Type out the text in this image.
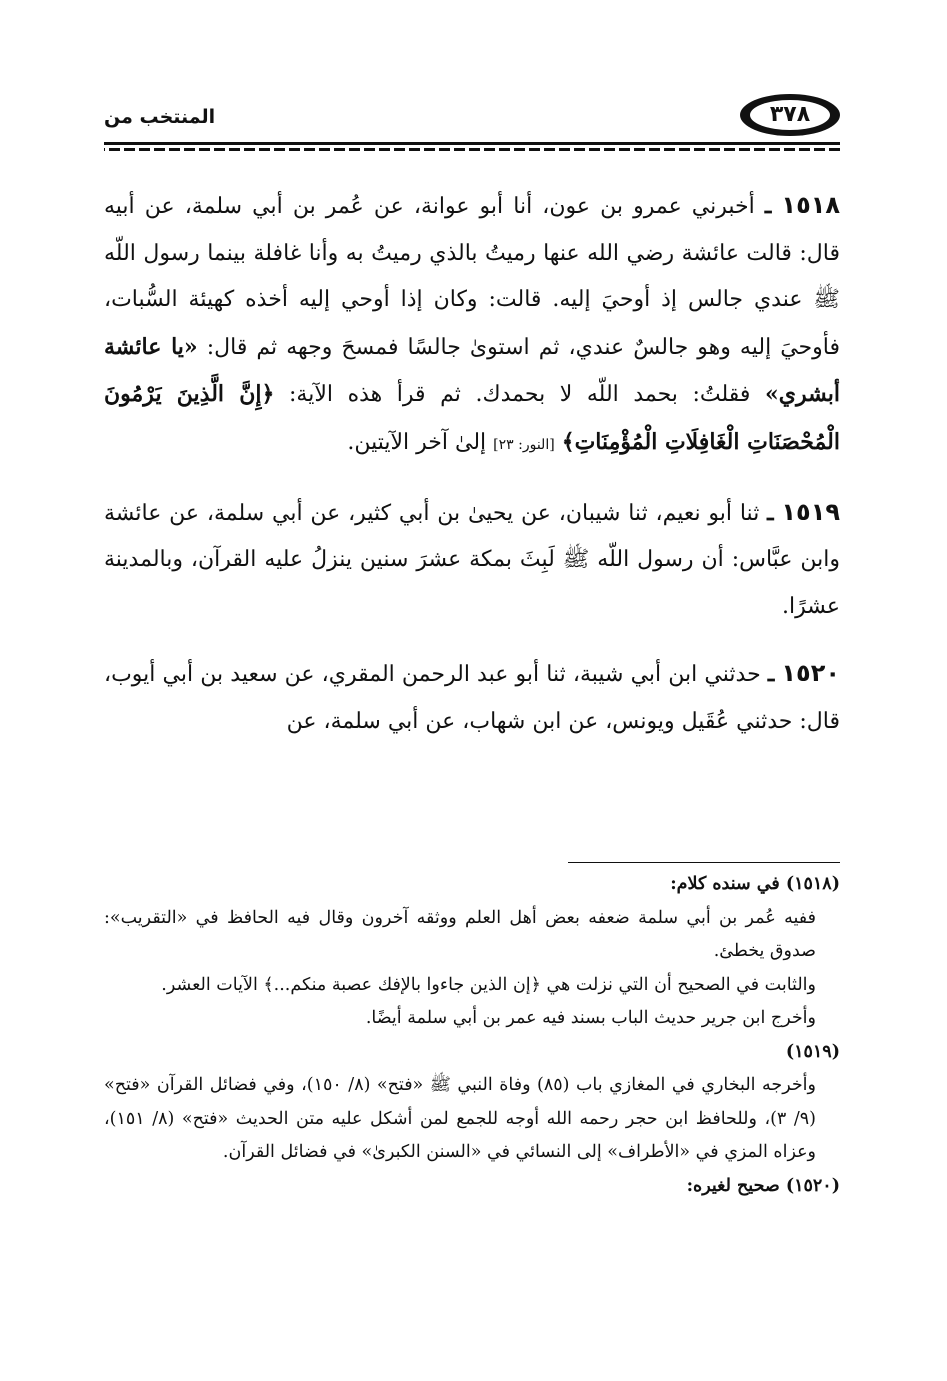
٣٧٨
المنتخب من

١٥١٨ ـ أخبرني عمرو بن عون، أنا أبو عوانة، عن عُمر بن أبي سلمة، عن أبيه قال: قالت عائشة رضي الله عنها رميتُ بالذي رميتُ به وأنا غافلة بينما رسول اللّه ﷺ عندي جالس إذ أوحيَ إليه. قالت: وكان إذا أوحي إليه أخذه كهيئة السُّبات، فأوحيَ إليه وهو جالسٌ عندي، ثم استوىٰ جالسًا فمسحَ وجهه ثم قال: «يا عائشة أبشري» فقلتُ: بحمد اللّه لا بحمدك. ثم قرأ هذه الآية: ﴿إِنَّ الَّذِينَ يَرْمُونَ الْمُحْصَنَاتِ الْغَافِلَاتِ الْمُؤْمِنَاتِ﴾ [النور: ٢٣] إلىٰ آخر الآيتين.

١٥١٩ ـ ثنا أبو نعيم، ثنا شيبان، عن يحيىٰ بن أبي كثير، عن أبي سلمة، عن عائشة وابن عبَّاس: أن رسول اللّه ﷺ لَبِثَ بمكة عشرَ سنين ينزلُ عليه القرآن، وبالمدينة عشرًا.

١٥٢٠ ـ حدثني ابن أبي شيبة، ثنا أبو عبد الرحمن المقري، عن سعيد بن أبي أيوب، قال: حدثني عُقَيل ويونس، عن ابن شهاب، عن أبي سلمة، عن

(١٥١٨) في سنده كلام:

ففيه عُمر بن أبي سلمة ضعفه بعض أهل العلم ووثقه آخرون وقال فيه الحافظ في «التقريب»: صدوق يخطئ.

والثابت في الصحيح أن التي نزلت هي ﴿إن الذين جاءوا بالإفك عصبة منكم...﴾ الآيات العشر.

وأخرج ابن جرير حديث الباب بسند فيه عمر بن أبي سلمة أيضًا.

(١٥١٩)

وأخرجه البخاري في المغازي باب (٨٥) وفاة النبي ﷺ «فتح» (٨/ ١٥٠)، وفي فضائل القرآن «فتح» (٩/ ٣)، وللحافظ ابن حجر رحمه الله أوجه للجمع لمن أشكل عليه متن الحديث «فتح» (٨/ ١٥١)، وعزاه المزي في «الأطراف» إلى النسائي في «السنن الكبرىٰ» في فضائل القرآن.

(١٥٢٠) صحيح لغيره:
